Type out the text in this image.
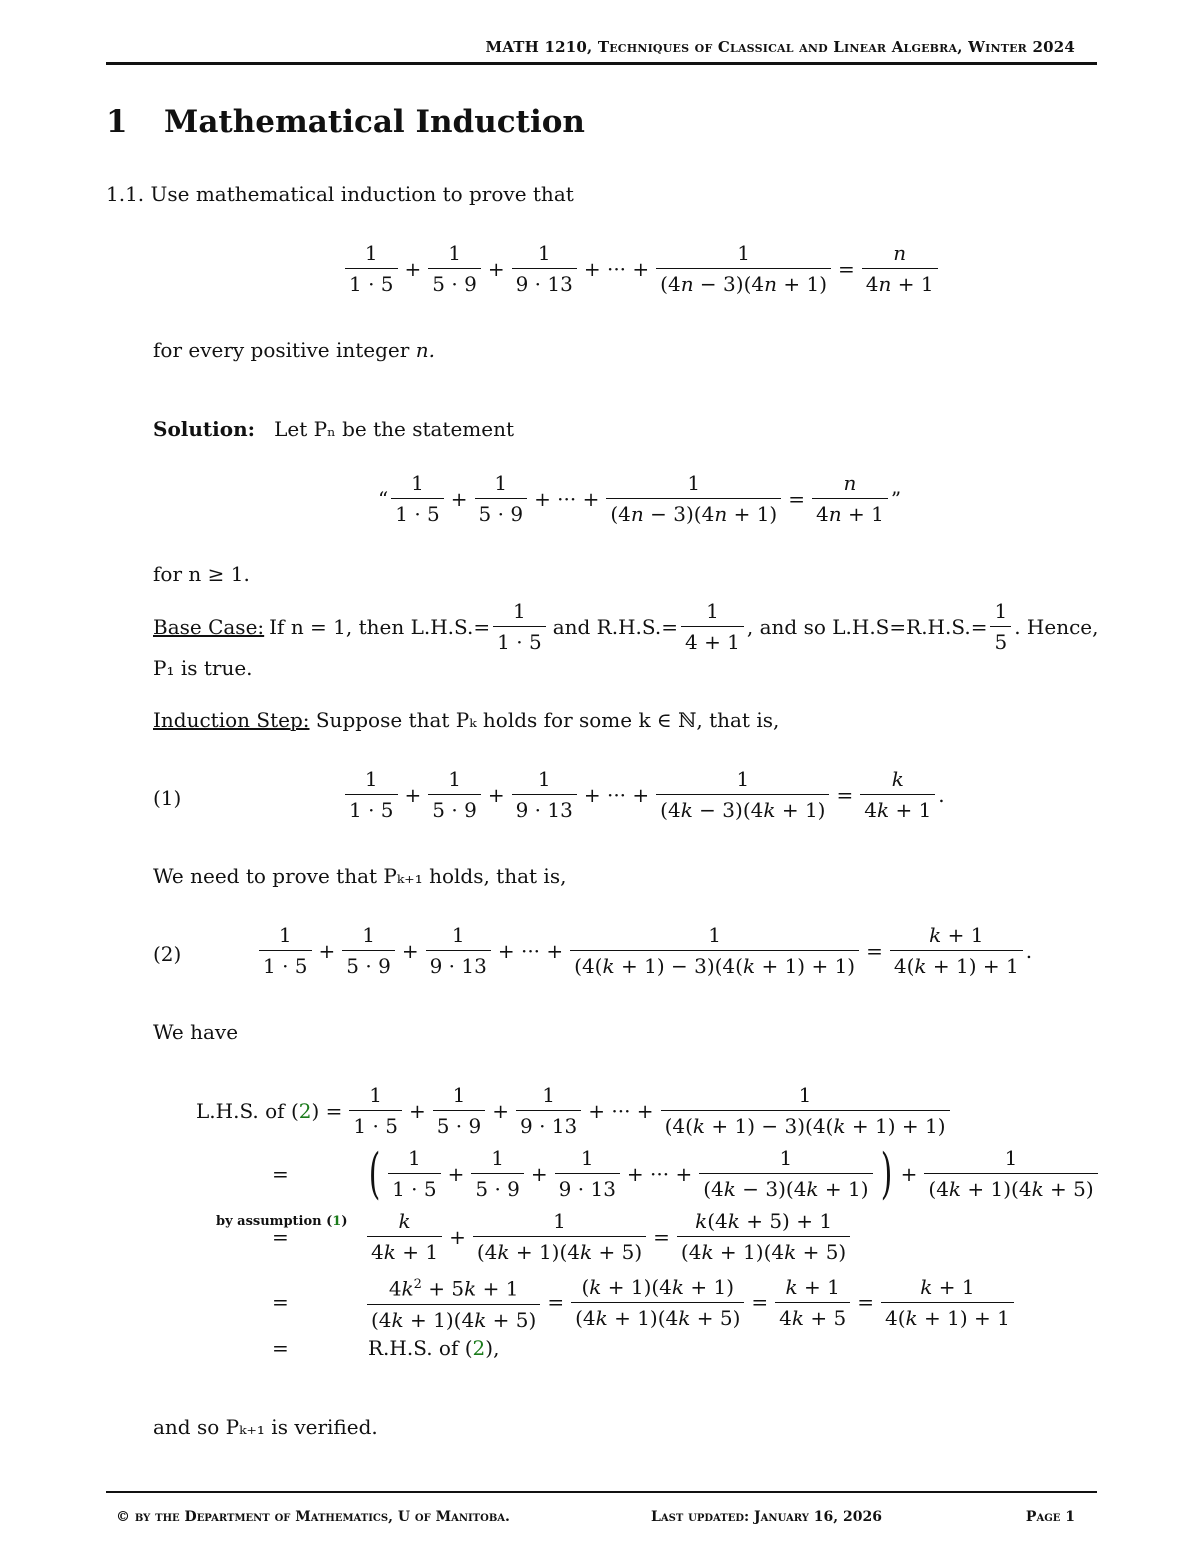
MATH 1210, Techniques of Classical and Linear Algebra, Winter 2024
1 Mathematical Induction
1.1. Use mathematical induction to prove that
$\frac{1}{1 \cdot 5} + \frac{1}{5 \cdot 9} + \frac{1}{9 \cdot 13}$ + ··· + $\frac{1}{(4n - 3)(4n + 1)} = \frac{n}{4n + 1}$
for every positive integer n.
Solution: Let Pₙ be the statement
“ $\frac{1}{1 \cdot 5} + \frac{1}{5 \cdot 9}$ + ··· + $\frac{1}{(4n - 3)(4n + 1)} = \frac{n}{4n + 1}$ ”
for n ≥ 1.
Base Case: If n = 1, then $L.H.S.= \frac{1}{1 \cdot 5}$ and $R.H.S.= \frac{1}{4 + 1}$ , and so $L.H.S=R.H.S.= \frac{1}{5}$ . Hence,
P₁ is true.
Induction Step: Suppose that Pₖ holds for some k ∈ ℕ, that is,
(1)	$\frac{1}{1 \cdot 5} + \frac{1}{5 \cdot 9} + \frac{1}{9 \cdot 13}$ + ··· + $\frac{1}{(4k - 3)(4k + 1)} = \frac{k}{4k + 1}$ .
We need to prove that Pₖ₊₁ holds, that is,
(2)	$\frac{1}{1 \cdot 5} + \frac{1}{5 \cdot 9} + \frac{1}{9 \cdot 13}$ + ··· + $\frac{1}{(4(k + 1) - 3)(4(k + 1) + 1)} = \frac{k + 1}{4(k + 1) + 1}$ .
We have
L.H.S. of ( 2 ) = $\frac{1}{1 \cdot 5} + \frac{1}{5 \cdot 9} + \frac{1}{9 \cdot 13}$ + ··· + $\frac{1}{(4(k + 1) - 3)(4(k + 1) + 1)}$
=	( $\frac{1}{1 \cdot 5} + \frac{1}{5 \cdot 9} + \frac{1}{9 \cdot 13}$ + ··· + $\frac{1}{(4k - 3)(4k + 1)}$ ) + $\frac{1}{(4k + 1)(4k + 5)}$
by assumption (1)
=	$\frac{k}{4k + 1} + \frac{1}{(4k + 1)(4k + 5)} = \frac{k(4k + 5) + 1}{(4k + 1)(4k + 5)}$
=	$\frac{4k^2 + 5k + 1}{(4k + 1)(4k + 5)} = \frac{(k + 1)(4k + 1)}{(4k + 1)(4k + 5)} = \frac{k + 1}{4k + 5} = \frac{k + 1}{4(k + 1) + 1}$
=	R.H.S. of ( 2 ),
and so Pₖ₊₁ is verified.
© by the Department of Mathematics, U of Manitoba.	Last updated: January 16, 2026	Page 1
